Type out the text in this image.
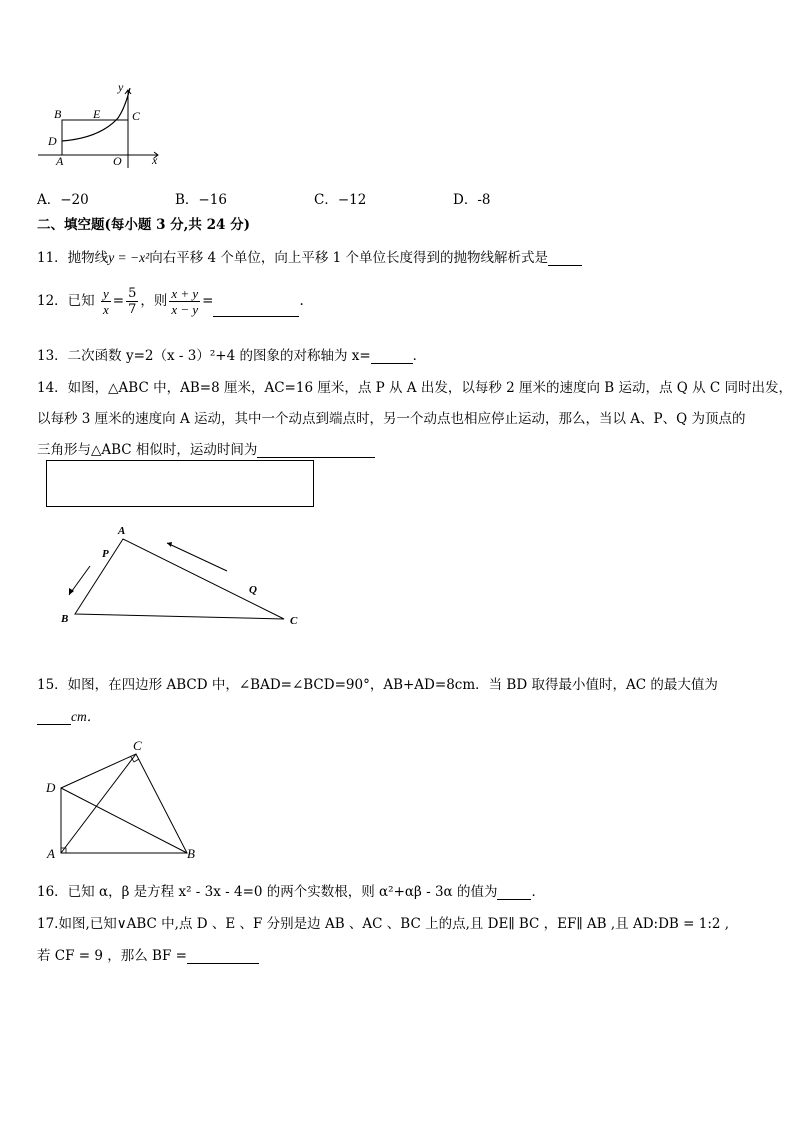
y
x
B	E	C
D
A	O
A．−20	B．−16	C．−12	D．-8
二、填空题(每小题 3 分,共 24 分)
11．抛物线y = −x²向右平移 4 个单位，向上平移 1 个单位长度得到的抛物线解析式是
12．已知 $\frac{y}{x} = \frac{5}{7}$ ，则 $\frac{x + y}{x - y}$ =	.
13．二次函数 y=2（x - 3）²+4 的图象的对称轴为 x=	．
14．如图，△ABC 中，AB=8 厘米，AC=16 厘米，点 P 从 A 出发，以每秒 2 厘米的速度向 B 运动，点 Q 从 C 同时出发，
以每秒 3 厘米的速度向 A 运动，其中一个动点到端点时，另一个动点也相应停止运动，那么，当以 A、P、Q 为顶点的
三角形与△ABC 相似时，运动时间为
A
B	C
P
Q
15．如图，在四边形 ABCD 中，∠BAD=∠BCD=90°，AB+AD=8cm．当 BD 取得最小值时，AC 的最大值为
cm．
C
D
A	B
16．已知 α，β 是方程 x² - 3x - 4=0 的两个实数根，则 α²+αβ - 3α 的值为	．
17.如图,已知∨ABC 中,点 D 、E 、F 分别是边 AB 、AC 、BC 上的点,且 DE∥ BC ，EF∥ AB ,且 AD:DB = 1:2 ,
若 CF = 9 ，那么 BF =
